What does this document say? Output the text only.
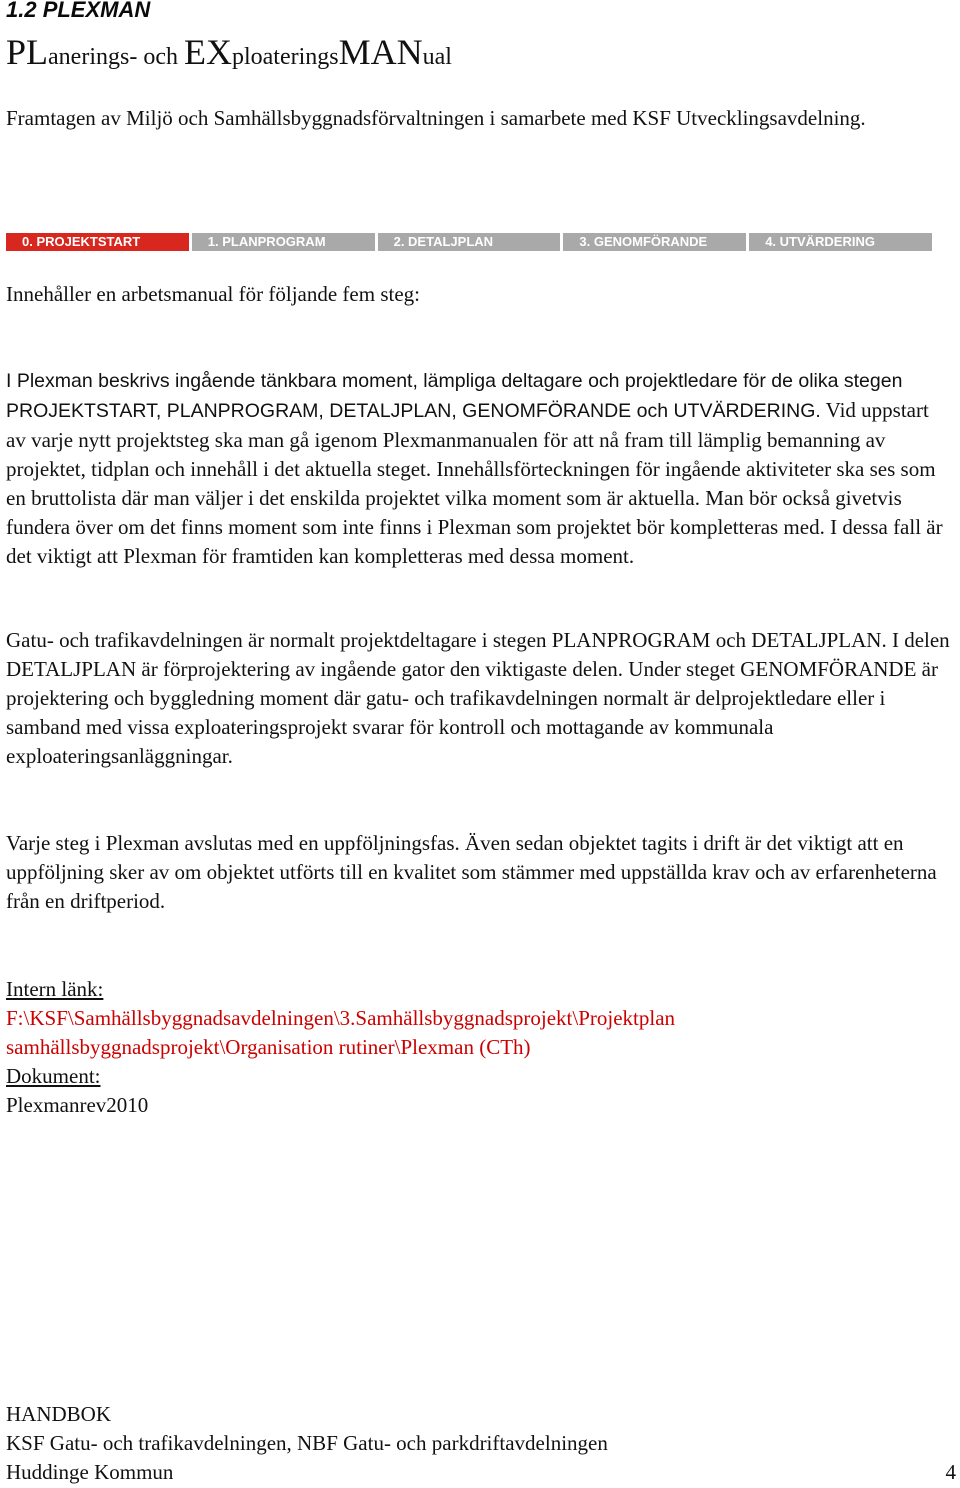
1.2 PLEXMAN
PLanerings- och EXploateringsMANual

Framtagen av Miljö och Samhällsbyggnadsförvaltningen i samarbete med KSF Utvecklingsavdelning.

0. PROJEKTSTART	1. PLANPROGRAM	2. DETALJPLAN	3. GENOMFÖRANDE	4. UTVÄRDERING

Innehåller en arbetsmanual för följande fem steg:

I Plexman beskrivs ingående tänkbara moment, lämpliga deltagare och projektledare för de olika stegen PROJEKTSTART, PLANPROGRAM, DETALJPLAN, GENOMFÖRANDE och UTVÄRDERING. Vid uppstart av varje nytt projektsteg ska man gå igenom Plexmanmanualen för att nå fram till lämplig bemanning av projektet, tidplan och innehåll i det aktuella steget. Innehållsförteckningen för ingående aktiviteter ska ses som en bruttolista där man väljer i det enskilda projektet vilka moment som är aktuella. Man bör också givetvis fundera över om det finns moment som inte finns i Plexman som projektet bör kompletteras med. I dessa fall är det viktigt att Plexman för framtiden kan kompletteras med dessa moment.

Gatu- och trafikavdelningen är normalt projektdeltagare i stegen PLANPROGRAM och DETALJPLAN. I delen DETALJPLAN är förprojektering av ingående gator den viktigaste delen. Under steget GENOMFÖRANDE är projektering och byggledning moment där gatu- och trafikavdelningen normalt är delprojektledare eller i samband med vissa exploateringsprojekt svarar för kontroll och mottagande av kommunala exploateringsanläggningar.

Varje steg i Plexman avslutas med en uppföljningsfas. Även sedan objektet tagits i drift är det viktigt att en uppföljning sker av om objektet utförts till en kvalitet som stämmer med uppställda krav och av erfarenheterna från en driftperiod.

Intern länk:
F:\KSF\Samhällsbyggnadsavdelningen\3.Samhällsbyggnadsprojekt\Projektplan
samhällsbyggnadsprojekt\Organisation rutiner\Plexman (CTh)
Dokument:
Plexmanrev2010
HANDBOK
KSF Gatu- och trafikavdelningen, NBF Gatu- och parkdriftavdelningen
Huddinge Kommun	4
